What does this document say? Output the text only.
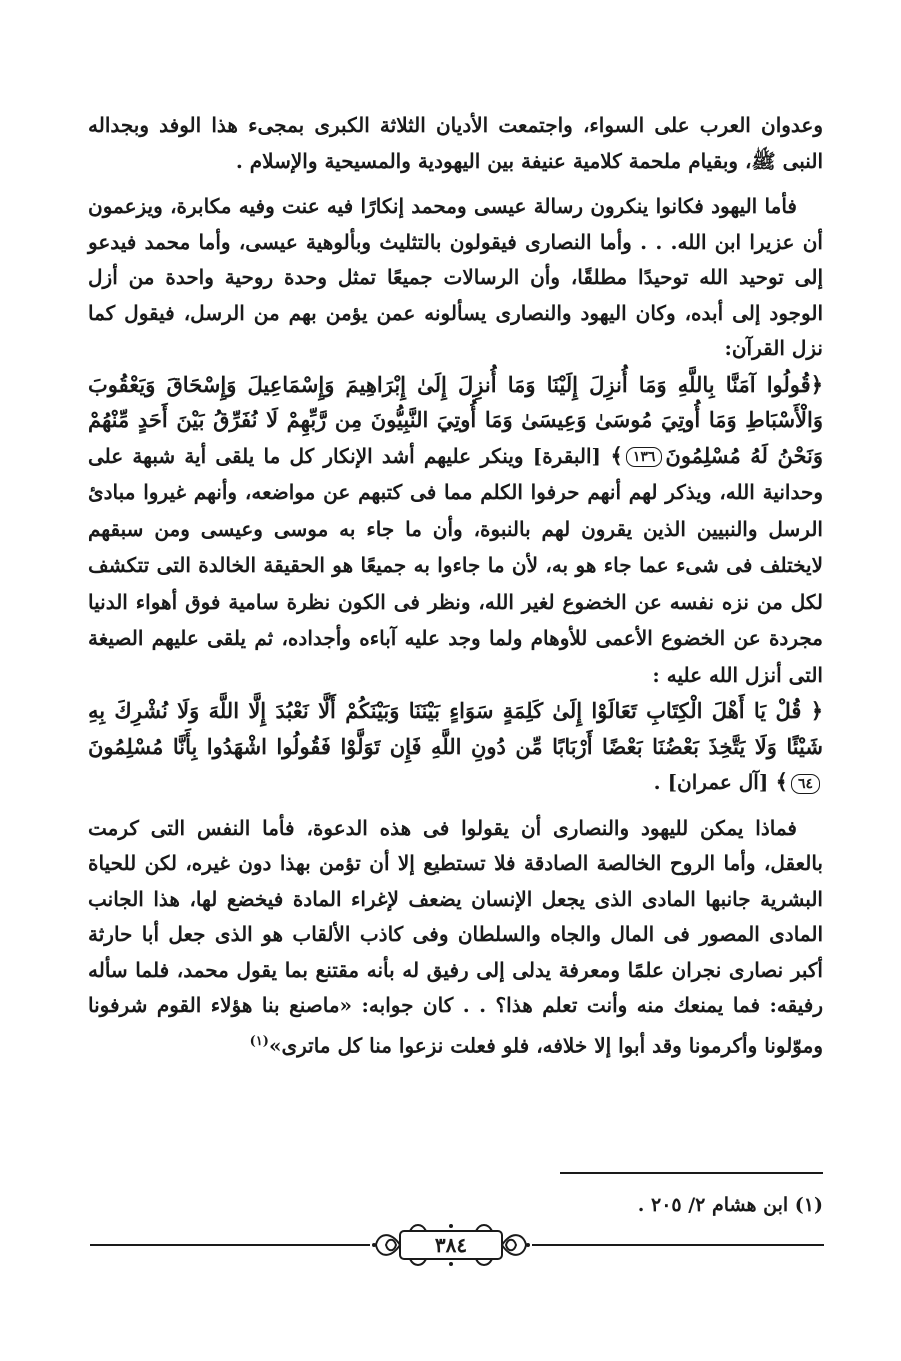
وعدوان العرب على السواء، واجتمعت الأديان الثلاثة الكبرى بمجىء هذا الوفد وبجداله النبى ﷺ، وبقيام ملحمة كلامية عنيفة بين اليهودية والمسيحية والإسلام .

فأما اليهود فكانوا ينكرون رسالة عيسى ومحمد إنكارًا فيه عنت وفيه مكابرة، ويزعمون أن عزيرا ابن الله. . . وأما النصارى فيقولون بالتثليث وبألوهية عيسى، وأما محمد فيدعو إلى توحيد الله توحيدًا مطلقًا، وأن الرسالات جميعًا تمثل وحدة روحية واحدة من أزل الوجود إلى أبده، وكان اليهود والنصارى يسألونه عمن يؤمن بهم من الرسل، فيقول كما نزل القرآن:

﴿قُولُوا آمَنَّا بِاللَّهِ وَمَا أُنزِلَ إِلَيْنَا وَمَا أُنزِلَ إِلَىٰ إِبْرَاهِيمَ وَإِسْمَاعِيلَ وَإِسْحَاقَ وَيَعْقُوبَ وَالْأَسْبَاطِ وَمَا أُوتِيَ مُوسَىٰ وَعِيسَىٰ وَمَا أُوتِيَ النَّبِيُّونَ مِن رَّبِّهِمْ لَا نُفَرِّقُ بَيْنَ أَحَدٍ مِّنْهُمْ وَنَحْنُ لَهُ مُسْلِمُونَ١٣٦﴾ [البقرة] وينكر عليهم أشد الإنكار كل ما يلقى أية شبهة على وحدانية الله، ويذكر لهم أنهم حرفوا الكلم مما فى كتبهم عن مواضعه، وأنهم غيروا مبادئ الرسل والنبيين الذين يقرون لهم بالنبوة، وأن ما جاء به موسى وعيسى ومن سبقهم لايختلف فى شىء عما جاء هو به، لأن ما جاءوا به جميعًا هو الحقيقة الخالدة التى تتكشف لكل من نزه نفسه عن الخضوع لغير الله، ونظر فى الكون نظرة سامية فوق أهواء الدنيا مجردة عن الخضوع الأعمى للأوهام ولما وجد عليه آباءه وأجداده، ثم يلقى عليهم الصيغة التى أنزل الله عليه :

﴿ قُلْ يَا أَهْلَ الْكِتَابِ تَعَالَوْا إِلَىٰ كَلِمَةٍ سَوَاءٍ بَيْنَنَا وَبَيْنَكُمْ أَلَّا نَعْبُدَ إِلَّا اللَّهَ وَلَا نُشْرِكَ بِهِ شَيْئًا وَلَا يَتَّخِذَ بَعْضُنَا بَعْضًا أَرْبَابًا مِّن دُونِ اللَّهِ فَإِن تَوَلَّوْا فَقُولُوا اشْهَدُوا بِأَنَّا مُسْلِمُونَ٦٤﴾ [آل عمران] .

فماذا يمكن لليهود والنصارى أن يقولوا فى هذه الدعوة، فأما النفس التى كرمت بالعقل، وأما الروح الخالصة الصادقة فلا تستطيع إلا أن تؤمن بهذا دون غيره، لكن للحياة البشرية جانبها المادى الذى يجعل الإنسان يضعف لإغراء المادة فيخضع لها، هذا الجانب المادى المصور فى المال والجاه والسلطان وفى كاذب الألقاب هو الذى جعل أبا حارثة أكبر نصارى نجران علمًا ومعرفة يدلى إلى رفيق له بأنه مقتنع بما يقول محمد، فلما سأله رفيقه: فما يمنعك منه وأنت تعلم هذا؟ . . كان جوابه: «ماصنع بنا هؤلاء القوم شرفونا وموّلونا وأكرمونا وقد أبوا إلا خلافه، فلو فعلت نزعوا منا كل ماترى»$^{(١)}$

(١) ابن هشام ٢/ ٢٠٥ .
٣٨٤
